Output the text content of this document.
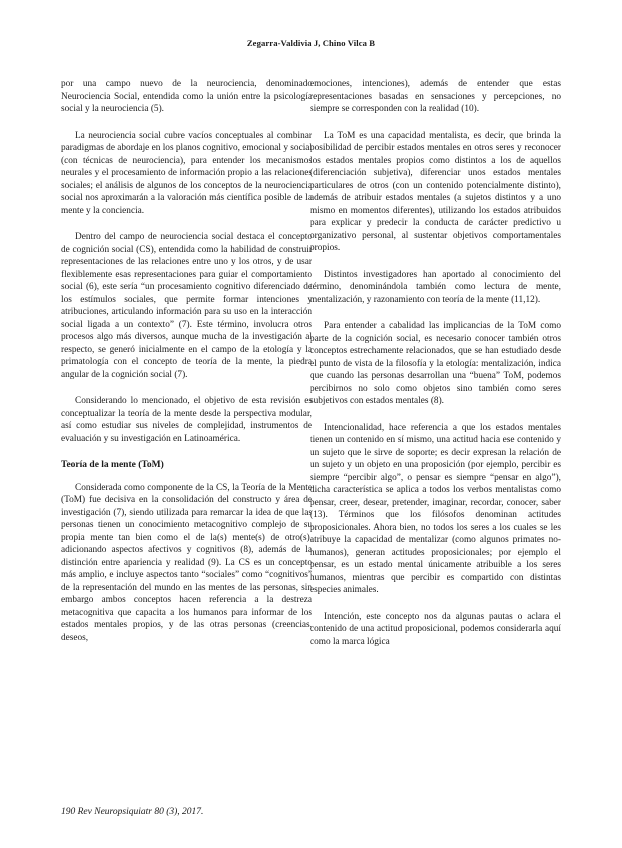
Zegarra-Valdivia J, Chino Vilca B

por una campo nuevo de la neurociencia, denominado Neurociencia Social, entendida como la unión entre la psicología social y la neurociencia (5).

La neurociencia social cubre vacíos conceptuales al combinar paradigmas de abordaje en los planos cognitivo, emocional y social (con técnicas de neurociencia), para entender los mecanismos neurales y el procesamiento de información propio a las relaciones sociales; el análisis de algunos de los conceptos de la neurociencia social nos aproximarán a la valoración más científica posible de la mente y la conciencia.

Dentro del campo de neurociencia social destaca el concepto de cognición social (CS), entendida como la habilidad de construir representaciones de las relaciones entre uno y los otros, y de usar flexiblemente esas representaciones para guiar el comportamiento social (6), este sería “un procesamiento cognitivo diferenciado de los estímulos sociales, que permite formar intenciones y atribuciones, articulando información para su uso en la interacción social ligada a un contexto” (7). Este término, involucra otros procesos algo más diversos, aunque mucha de la investigación al respecto, se generó inicialmente en el campo de la etología y la primatología con el concepto de teoría de la mente, la piedra angular de la cognición social (7).

Considerando lo mencionado, el objetivo de esta revisión es conceptualizar la teoría de la mente desde la perspectiva modular, así como estudiar sus niveles de complejidad, instrumentos de evaluación y su investigación en Latinoamérica.

Teoría de la mente (ToM)

Considerada como componente de la CS, la Teoría de la Mente (ToM) fue decisiva en la consolidación del constructo y área de investigación (7), siendo utilizada para remarcar la idea de que las personas tienen un conocimiento metacognitivo complejo de su propia mente tan bien como el de la(s) mente(s) de otro(s), adicionando aspectos afectivos y cognitivos (8), además de la distinción entre apariencia y realidad (9). La CS es un concepto más amplio, e incluye aspectos tanto “sociales” como “cognitivos” de la representación del mundo en las mentes de las personas, sin embargo ambos conceptos hacen referencia a la destreza metacognitiva que capacita a los humanos para informar de los estados mentales propios, y de las otras personas (creencias, deseos,

emociones, intenciones), además de entender que estas representaciones basadas en sensaciones y percepciones, no siempre se corresponden con la realidad (10).

La ToM es una capacidad mentalista, es decir, que brinda la posibilidad de percibir estados mentales en otros seres y reconocer los estados mentales propios como distintos a los de aquellos (diferenciación subjetiva), diferenciar unos estados mentales particulares de otros (con un contenido potencialmente distinto), además de atribuir estados mentales (a sujetos distintos y a uno mismo en momentos diferentes), utilizando los estados atribuidos para explicar y predecir la conducta de carácter predictivo u organizativo personal, al sustentar objetivos comportamentales propios.

Distintos investigadores han aportado al conocimiento del término, denominándola también como lectura de mente, mentalización, y razonamiento con teoría de la mente (11,12).

Para entender a cabalidad las implicancias de la ToM como parte de la cognición social, es necesario conocer también otros conceptos estrechamente relacionados, que se han estudiado desde el punto de vista de la filosofía y la etología: mentalización, indica que cuando las personas desarrollan una “buena” ToM, podemos percibirnos no solo como objetos sino también como seres subjetivos con estados mentales (8).

Intencionalidad, hace referencia a que los estados mentales tienen un contenido en sí mismo, una actitud hacia ese contenido y un sujeto que le sirve de soporte; es decir expresan la relación de un sujeto y un objeto en una proposición (por ejemplo, percibir es siempre “percibir algo”, o pensar es siempre “pensar en algo”), dicha característica se aplica a todos los verbos mentalistas como pensar, creer, desear, pretender, imaginar, recordar, conocer, saber (13). Términos que los filósofos denominan actitudes proposicionales. Ahora bien, no todos los seres a los cuales se les atribuye la capacidad de mentalizar (como algunos primates no-humanos), generan actitudes proposicionales; por ejemplo el pensar, es un estado mental únicamente atribuible a los seres humanos, mientras que percibir es compartido con distintas especies animales.

Intención, este concepto nos da algunas pautas o aclara el contenido de una actitud proposicional, podemos considerarla aquí como la marca lógica

190 Rev Neuropsiquiatr 80 (3), 2017.
